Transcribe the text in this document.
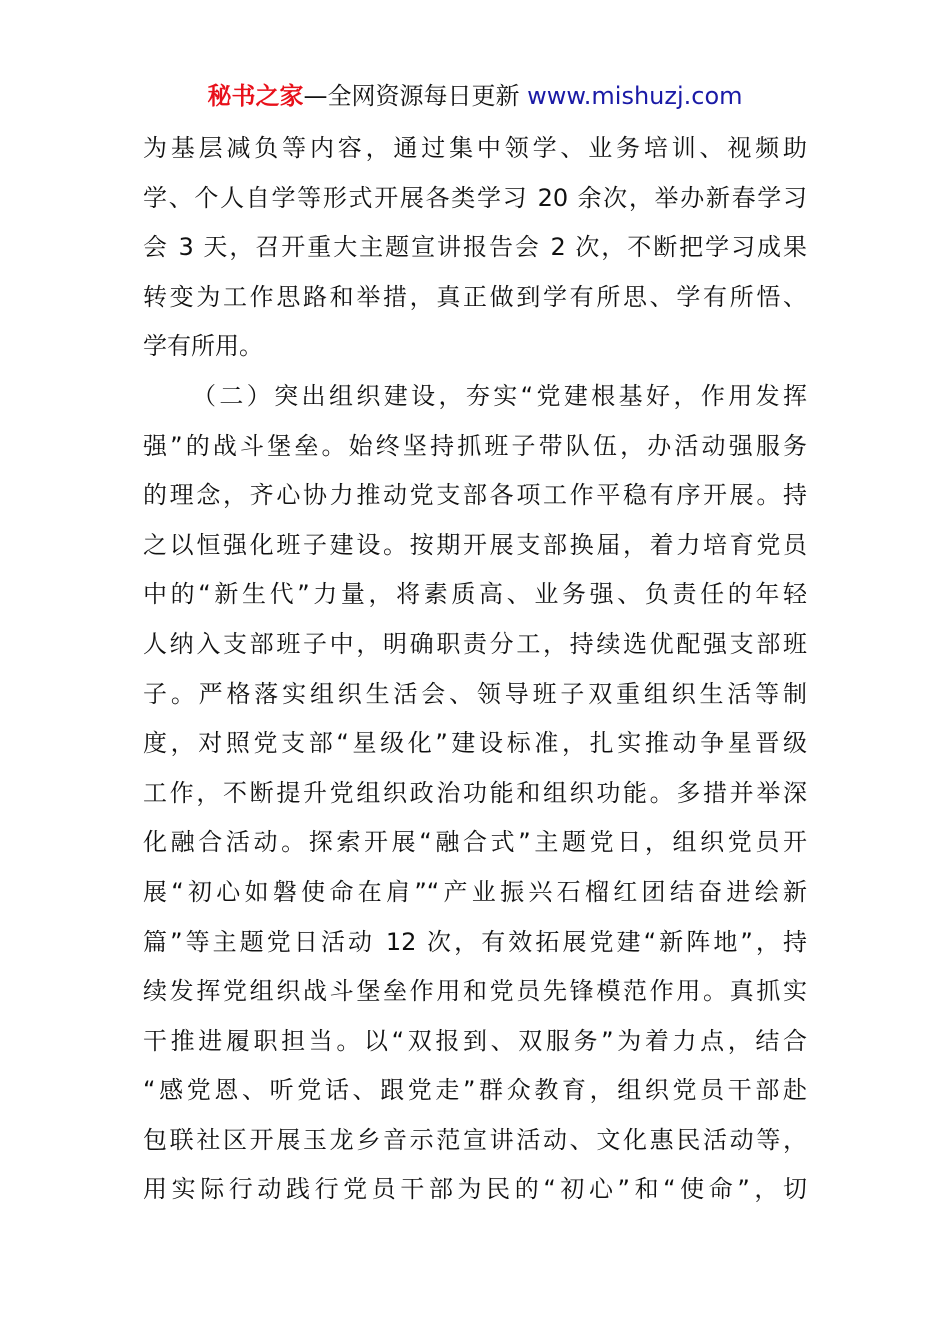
秘书之家—全网资源每日更新 www.mishuzj.com
为基层减负等内容，通过集中领学、业务培训、视频助
学、个人自学等形式开展各类学习 20 余次，举办新春学习
会 3 天，召开重大主题宣讲报告会 2 次，不断把学习成果
转变为工作思路和举措，真正做到学有所思、学有所悟、
学有所用。
（二）突出组织建设，夯实“党建根基好，作用发挥
强”的战斗堡垒。始终坚持抓班子带队伍，办活动强服务
的理念，齐心协力推动党支部各项工作平稳有序开展。持
之以恒强化班子建设。按期开展支部换届，着力培育党员
中的“新生代”力量，将素质高、业务强、负责任的年轻
人纳入支部班子中，明确职责分工，持续选优配强支部班
子。严格落实组织生活会、领导班子双重组织生活等制
度，对照党支部“星级化”建设标准，扎实推动争星晋级
工作，不断提升党组织政治功能和组织功能。多措并举深
化融合活动。探索开展“融合式”主题党日，组织党员开
展“初心如磐使命在肩”“产业振兴石榴红团结奋进绘新
篇”等主题党日活动 12 次，有效拓展党建“新阵地”，持
续发挥党组织战斗堡垒作用和党员先锋模范作用。真抓实
干推进履职担当。以“双报到、双服务”为着力点，结合
“感党恩、听党话、跟党走”群众教育，组织党员干部赴
包联社区开展玉龙乡音示范宣讲活动、文化惠民活动等，
用实际行动践行党员干部为民的“初心”和“使命”，切
